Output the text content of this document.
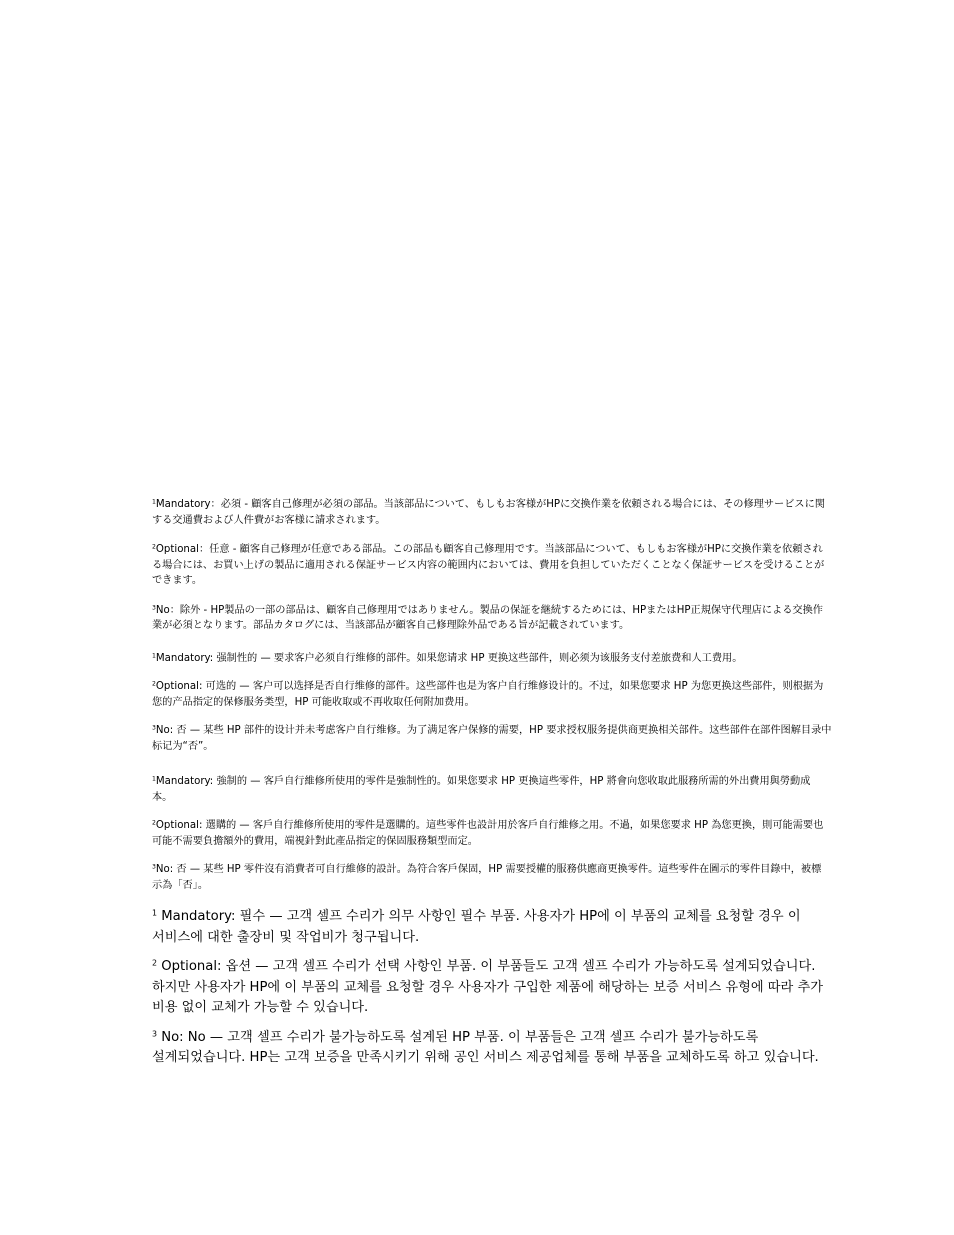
$^1$Mandatory：必須 - 顧客自己修理が必須の部品。当該部品について、もしもお客様がHPに交換作業を依頼される場合には、その修理サービスに関する交通費および人件費がお客様に請求されます。

$^2$Optional：任意 - 顧客自己修理が任意である部品。この部品も顧客自己修理用です。当該部品について、もしもお客様がHPに交換作業を依頼される場合には、お買い上げの製品に適用される保証サービス内容の範囲内においては、費用を負担していただくことなく保証サービスを受けることができます。

$^3$No：除外 - HP製品の一部の部品は、顧客自己修理用ではありません。製品の保証を継続するためには、HPまたはHP正規保守代理店による交換作業が必須となります。部品カタログには、当該部品が顧客自己修理除外品である旨が記載されています。

$^1$Mandatory: 强制性的 — 要求客户必须自行维修的部件。如果您请求 HP 更换这些部件，则必须为该服务支付差旅费和人工费用。

$^2$Optional: 可选的 — 客户可以选择是否自行维修的部件。这些部件也是为客户自行维修设计的。不过，如果您要求 HP 为您更换这些部件，则根据为您的产品指定的保修服务类型，HP 可能收取或不再收取任何附加费用。

$^3$No: 否 — 某些 HP 部件的设计并未考虑客户自行维修。为了满足客户保修的需要，HP 要求授权服务提供商更换相关部件。这些部件在部件图解目录中标记为“否”。

$^1$Mandatory: 強制的 — 客戶自行維修所使用的零件是強制性的。如果您要求 HP 更換這些零件，HP 將會向您收取此服務所需的外出費用與勞動成本。

$^2$Optional: 選購的 — 客戶自行維修所使用的零件是選購的。這些零件也設計用於客戶自行維修之用。不過，如果您要求 HP 為您更換，則可能需要也可能不需要負擔額外的費用，端視針對此產品指定的保固服務類型而定。

$^3$No: 否 — 某些 HP 零件沒有消費者可自行維修的設計。為符合客戶保固，HP 需要授權的服務供應商更換零件。這些零件在圖示的零件目錄中，被標示為「否」。

$^1$ Mandatory: 필수 — 고객 셀프 수리가 의무 사항인 필수 부품. 사용자가 HP에 이 부품의 교체를 요청할 경우 이 서비스에 대한 출장비 및 작업비가 청구됩니다.

$^2$ Optional: 옵션 — 고객 셀프 수리가 선택 사항인 부품. 이 부품들도 고객 셀프 수리가 가능하도록 설계되었습니다. 하지만 사용자가 HP에 이 부품의 교체를 요청할 경우 사용자가 구입한 제품에 해당하는 보증 서비스 유형에 따라 추가 비용 없이 교체가 가능할 수 있습니다.

$^3$ No: No — 고객 셀프 수리가 불가능하도록 설계된 HP 부품. 이 부품들은 고객 셀프 수리가 불가능하도록 설계되었습니다. HP는 고객 보증을 만족시키기 위해 공인 서비스 제공업체를 통해 부품을 교체하도록 하고 있습니다.
